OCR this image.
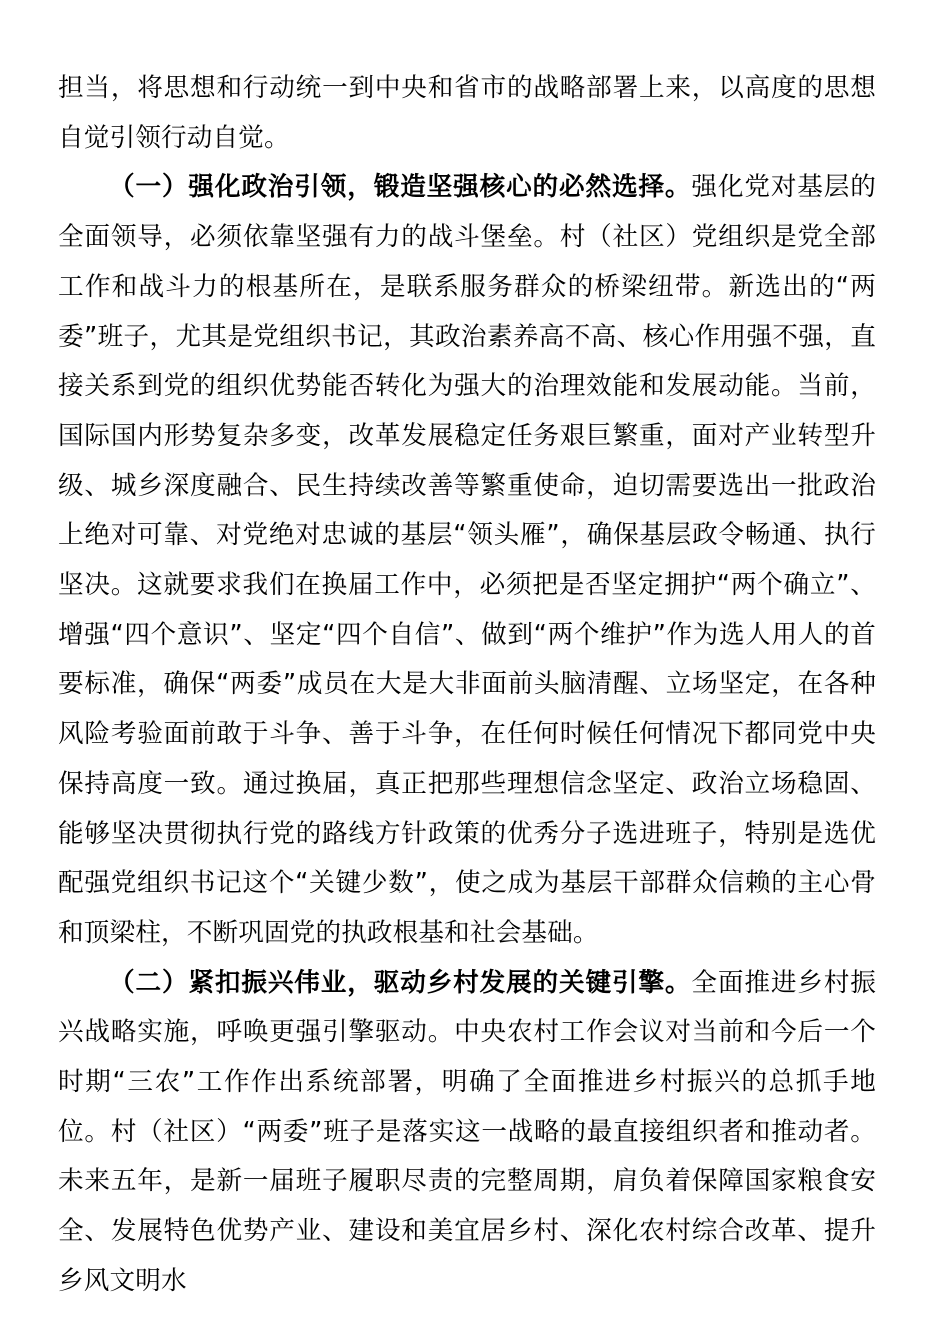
担当，将思想和行动统一到中央和省市的战略部署上来，以高度的思想自觉引领行动自觉。

（一）强化政治引领，锻造坚强核心的必然选择。强化党对基层的全面领导，必须依靠坚强有力的战斗堡垒。村（社区）党组织是党全部工作和战斗力的根基所在，是联系服务群众的桥梁纽带。新选出的“两委”班子，尤其是党组织书记，其政治素养高不高、核心作用强不强，直接关系到党的组织优势能否转化为强大的治理效能和发展动能。当前，国际国内形势复杂多变，改革发展稳定任务艰巨繁重，面对产业转型升级、城乡深度融合、民生持续改善等繁重使命，迫切需要选出一批政治上绝对可靠、对党绝对忠诚的基层“领头雁”，确保基层政令畅通、执行坚决。这就要求我们在换届工作中，必须把是否坚定拥护“两个确立”、增强“四个意识”、坚定“四个自信”、做到“两个维护”作为选人用人的首要标准，确保“两委”成员在大是大非面前头脑清醒、立场坚定，在各种风险考验面前敢于斗争、善于斗争，在任何时候任何情况下都同党中央保持高度一致。通过换届，真正把那些理想信念坚定、政治立场稳固、能够坚决贯彻执行党的路线方针政策的优秀分子选进班子，特别是选优配强党组织书记这个“关键少数”，使之成为基层干部群众信赖的主心骨和顶梁柱，不断巩固党的执政根基和社会基础。

（二）紧扣振兴伟业，驱动乡村发展的关键引擎。全面推进乡村振兴战略实施，呼唤更强引擎驱动。中央农村工作会议对当前和今后一个时期“三农”工作作出系统部署，明确了全面推进乡村振兴的总抓手地位。村（社区）“两委”班子是落实这一战略的最直接组织者和推动者。未来五年，是新一届班子履职尽责的完整周期，肩负着保障国家粮食安全、发展特色优势产业、建设和美宜居乡村、深化农村综合改革、提升乡风文明水
